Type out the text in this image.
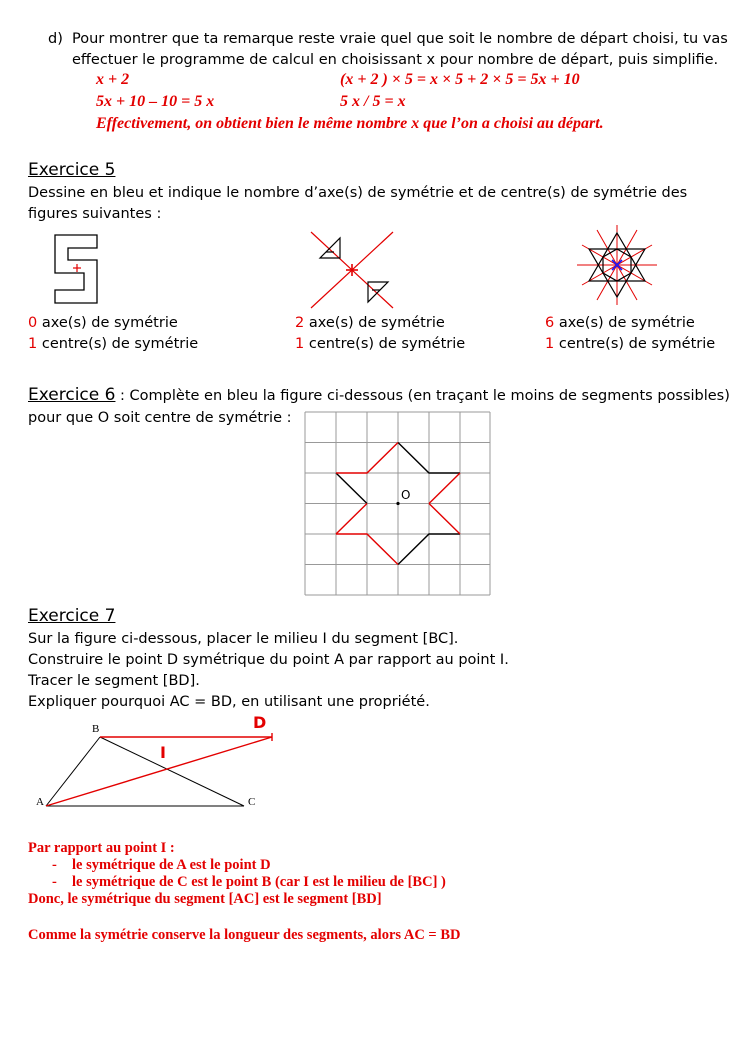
d) Pour montrer que ta remarque reste vraie quel que soit le nombre de départ choisi, tu vas
effectuer le programme de calcul en choisissant x pour nombre de départ, puis simplifie.
x + 2	(x + 2 ) × 5 = x × 5 + 2 × 5 = 5x + 10
5x + 10 – 10 = 5 x	5 x / 5 = x
Effectivement, on obtient bien le même nombre x que l’on a choisi au départ.
Exercice 5
Dessine en bleu et indique le nombre d’axe(s) de symétrie et de centre(s) de symétrie des
figures suivantes :
0 axe(s) de symétrie
1 centre(s) de symétrie
2 axe(s) de symétrie
1 centre(s) de symétrie
6 axe(s) de symétrie
1 centre(s) de symétrie
Exercice 6 : Complète en bleu la figure ci-dessous (en traçant le moins de segments possibles)
pour que O soit centre de symétrie :
O
Exercice 7
Sur la figure ci-dessous, placer le milieu I du segment [BC].
Construire le point D symétrique du point A par rapport au point I.
Tracer le segment [BD].
Expliquer pourquoi AC = BD, en utilisant une propriété.
B
A	C
D
I
Par rapport au point I :
- le symétrique de A est le point D
- le symétrique de C est le point B (car I est le milieu de [BC] )
Donc, le symétrique du segment [AC] est le segment [BD]
Comme la symétrie conserve la longueur des segments, alors AC = BD
